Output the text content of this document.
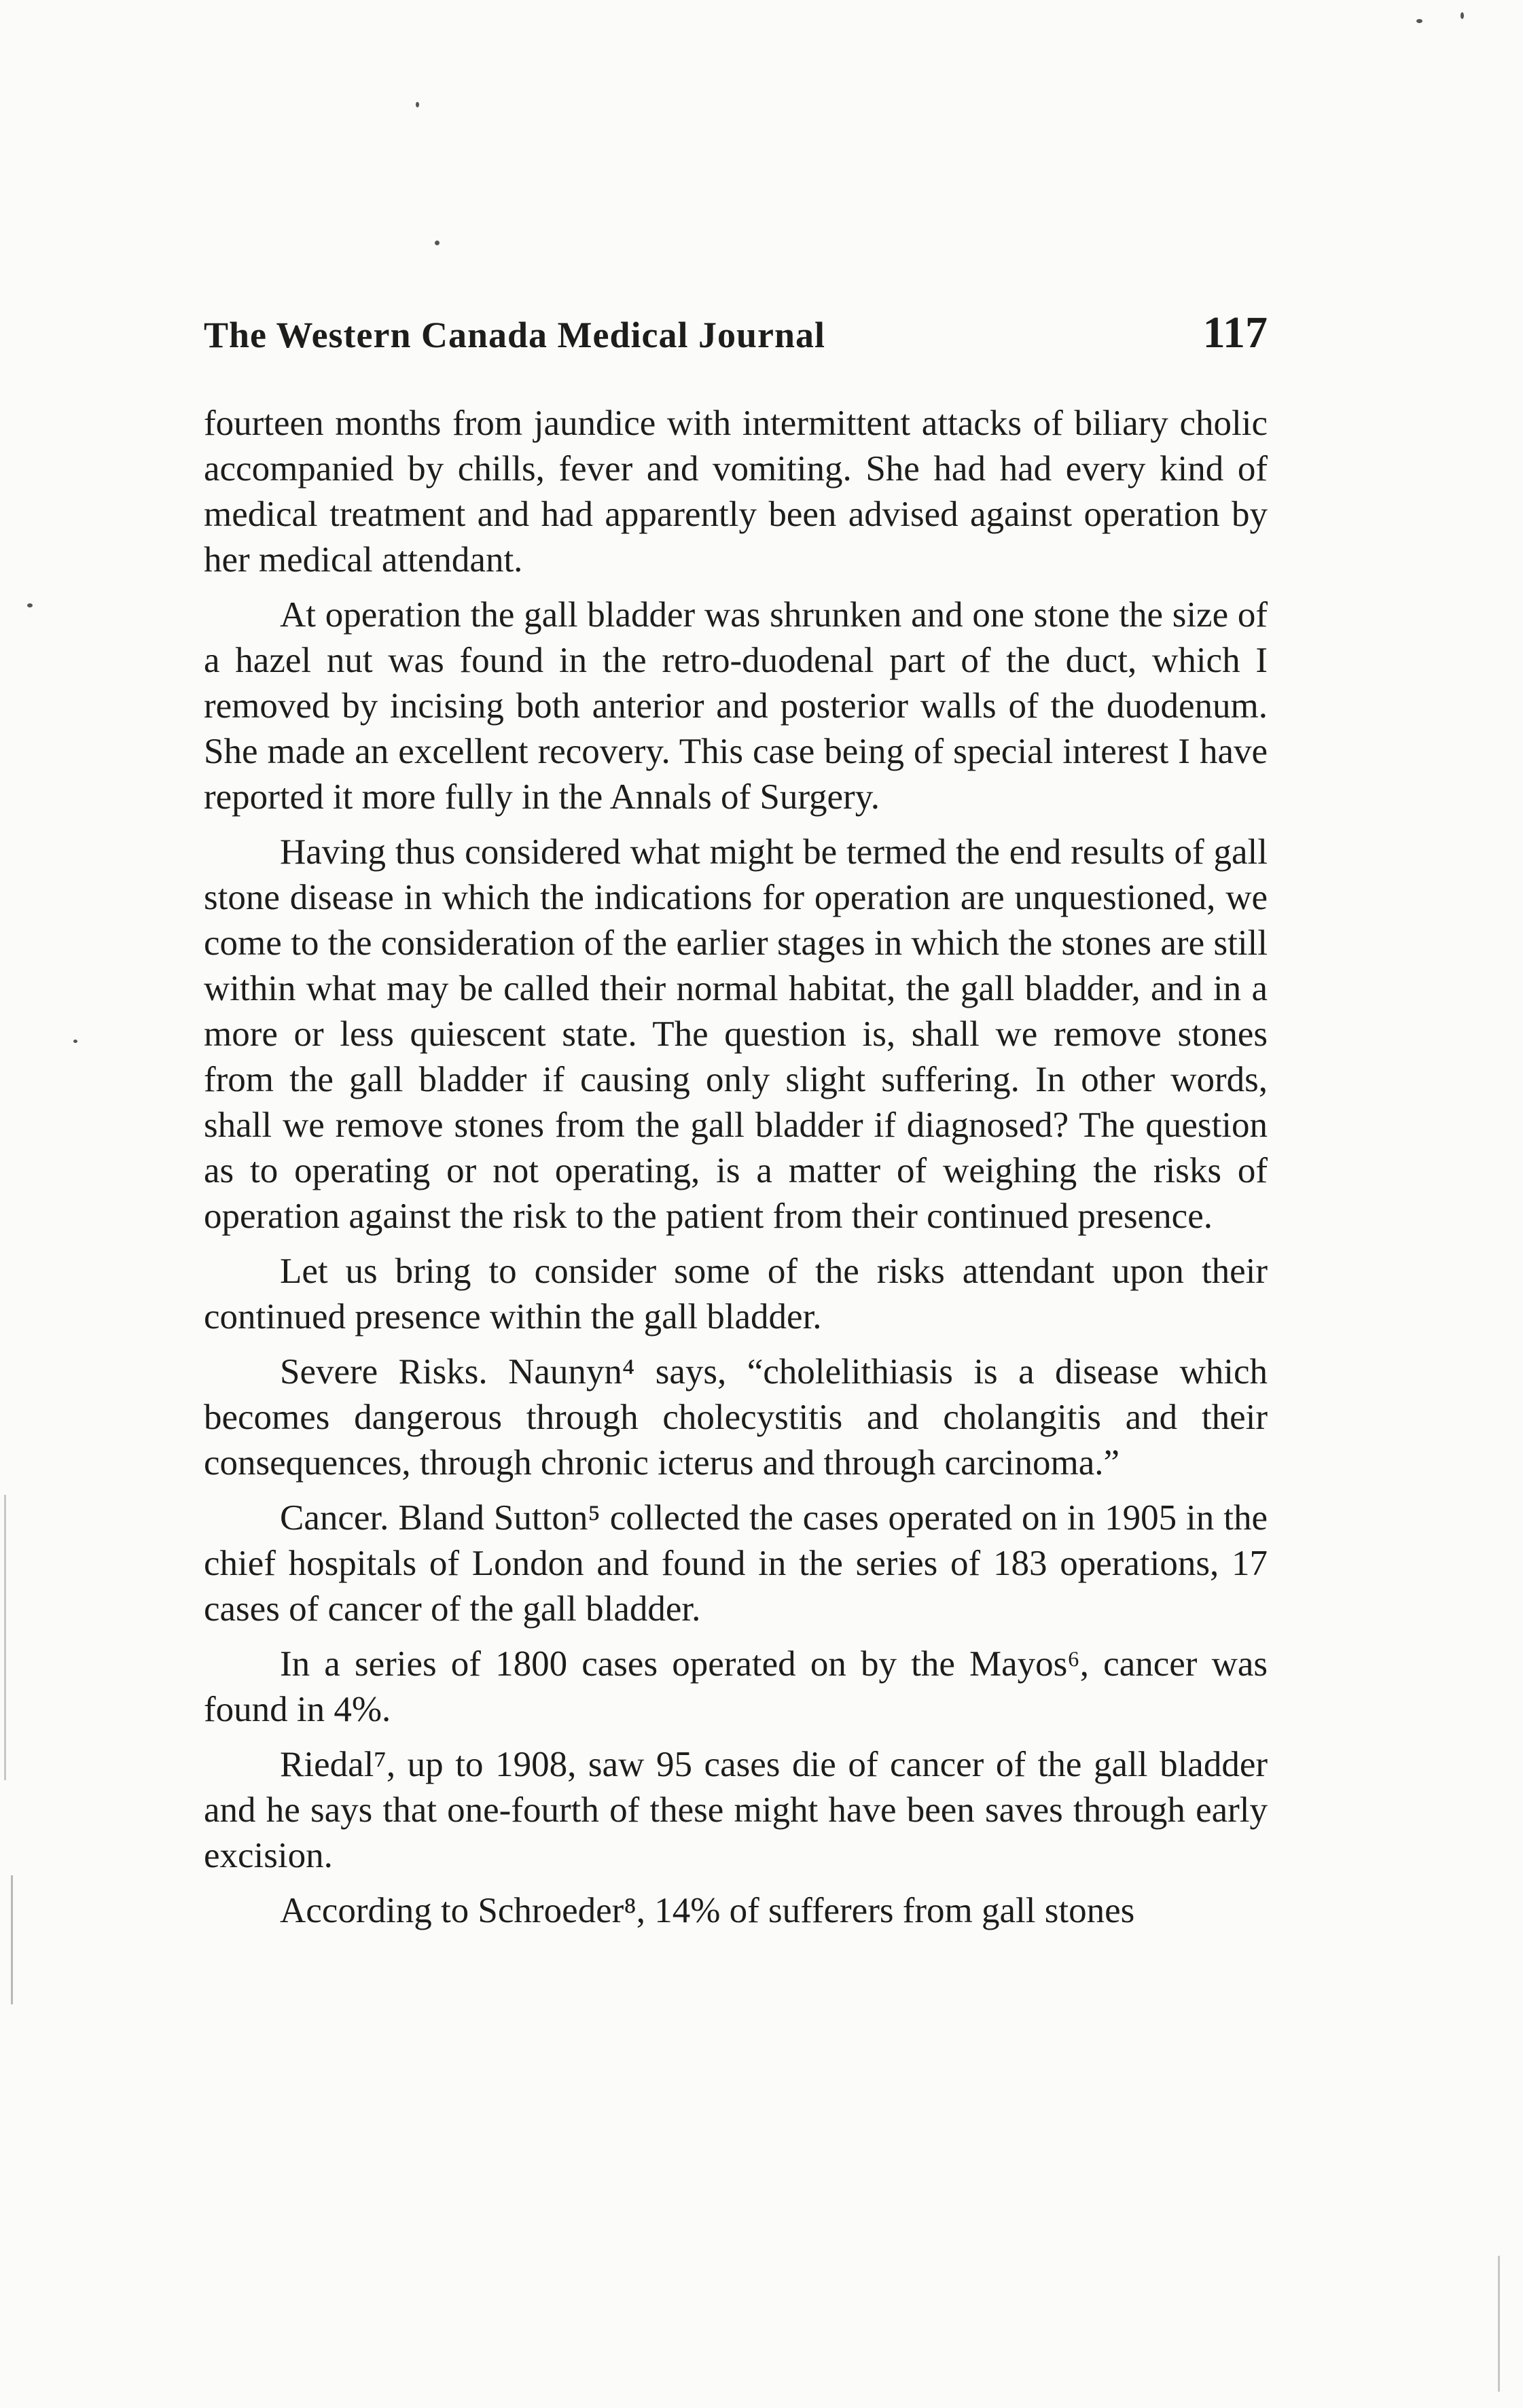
The Western Canada Medical Journal	117

fourteen months from jaundice with intermittent attacks of biliary cholic accompanied by chills, fever and vomiting. She had had every kind of medical treatment and had apparently been advised against operation by her medical attendant.

At operation the gall bladder was shrunken and one stone the size of a hazel nut was found in the retro-duodenal part of the duct, which I removed by incising both anterior and posterior walls of the duodenum. She made an excellent recovery. This case being of special interest I have reported it more fully in the Annals of Surgery.

Having thus considered what might be termed the end results of gall stone disease in which the indications for operation are unquestioned, we come to the consideration of the earlier stages in which the stones are still within what may be called their normal habitat, the gall bladder, and in a more or less quiescent state. The question is, shall we remove stones from the gall bladder if causing only slight suffering. In other words, shall we remove stones from the gall bladder if diagnosed? The question as to operating or not operating, is a matter of weighing the risks of operation against the risk to the patient from their continued presence.

Let us bring to consider some of the risks attendant upon their continued presence within the gall bladder.

Severe Risks. Naunyn⁴ says, “cholelithiasis is a disease which becomes dangerous through cholecystitis and cholangitis and their consequences, through chronic icterus and through carcinoma.”

Cancer. Bland Sutton⁵ collected the cases operated on in 1905 in the chief hospitals of London and found in the series of 183 operations, 17 cases of cancer of the gall bladder.

In a series of 1800 cases operated on by the Mayos⁶, cancer was found in 4%.

Riedal⁷, up to 1908, saw 95 cases die of cancer of the gall bladder and he says that one-fourth of these might have been saves through early excision.

According to Schroeder⁸, 14% of sufferers from gall stones
